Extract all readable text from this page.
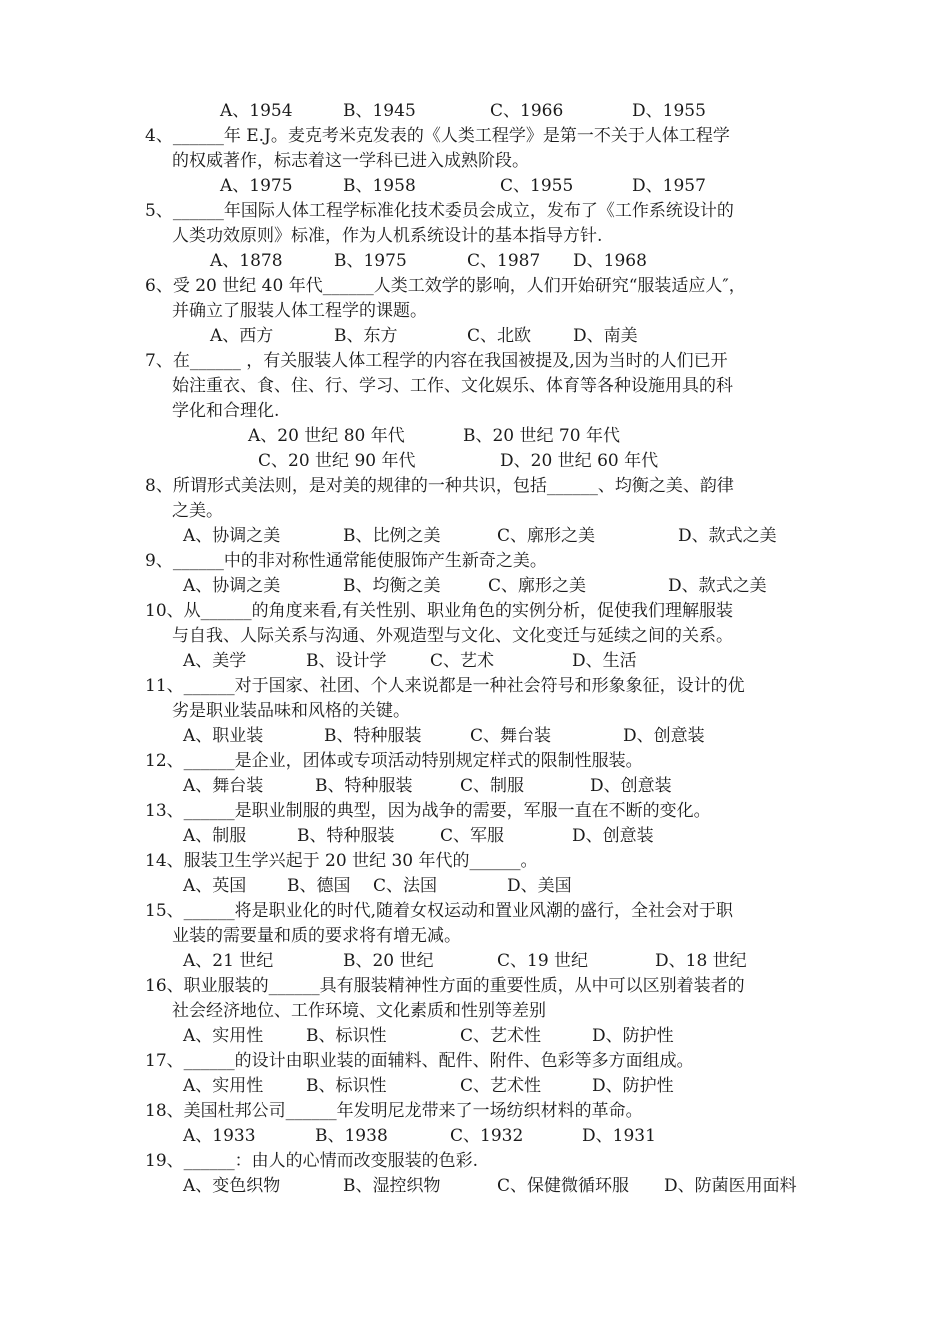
A、1954	B、1945	C、1966	D、1955
4、______年 E.J。麦克考米克发表的《人类工程学》是第一不关于人体工程学
的权威著作，标志着这一学科已进入成熟阶段。
A、1975	B、1958	C、1955	D、1957
5、______年国际人体工程学标准化技术委员会成立，发布了《工作系统设计的
人类功效原则》标准，作为人机系统设计的基本指导方针.
A、1878	B、1975	C、1987 D、1968
6、受 20 世纪 40 年代______人类工效学的影响，人们开始研究“服装适应人″，
并确立了服装人体工程学的课题。
A、西方	B、东方	C、北欧 D、南美
7、在______ ，有关服装人体工程学的内容在我国被提及,因为当时的人们已开
始注重衣、食、住、行、学习、工作、文化娱乐、体育等各种设施用具的科
学化和合理化.
A、20 世纪 80 年代	B、20 世纪 70 年代
C、20 世纪 90 年代	D、20 世纪 60 年代
8、所谓形式美法则，是对美的规律的一种共识，包括______、均衡之美、韵律
之美。
A、协调之美	B、比例之美	C、廓形之美	D、款式之美
9、______中的非对称性通常能使服饰产生新奇之美。
A、协调之美	B、均衡之美	C、廓形之美	D、款式之美
10、从______的角度来看,有关性别、职业角色的实例分析，促使我们理解服装
与自我、人际关系与沟通、外观造型与文化、文化变迁与延续之间的关系。
A、美学	B、设计学	C、艺术	D、生活
11、______对于国家、社团、个人来说都是一种社会符号和形象象征，设计的优
劣是职业装品味和风格的关键。
A、职业装	B、特种服装	C、舞台装	D、创意装
12、______是企业，团体或专项活动特别规定样式的限制性服装。
A、舞台装	B、特种服装	C、制服	D、创意装
13、______是职业制服的典型，因为战争的需要，军服一直在不断的变化。
A、制服	B、特种服装	C、军服	D、创意装
14、服装卫生学兴起于 20 世纪 30 年代的______。
A、英国 B、德国 C、法国	D、美国
15、______将是职业化的时代,随着女权运动和置业风潮的盛行，全社会对于职
业装的需要量和质的要求将有增无减。
A、21 世纪	B、20 世纪	C、19 世纪	D、18 世纪
16、职业服装的______具有服装精神性方面的重要性质，从中可以区别着装者的
社会经济地位、工作环境、文化素质和性别等差别
A、实用性	B、标识性	C、艺术性	D、防护性
17、______的设计由职业装的面辅料、配件、附件、色彩等多方面组成。
A、实用性	B、标识性	C、艺术性	D、防护性
18、美国杜邦公司______年发明尼龙带来了一场纺织材料的革命。
A、1933	B、1938	C、1932	D、1931
19、______：由人的心情而改变服装的色彩.
A、变色织物	B、湿控织物	C、保健微循环服 D、防菌医用面料
